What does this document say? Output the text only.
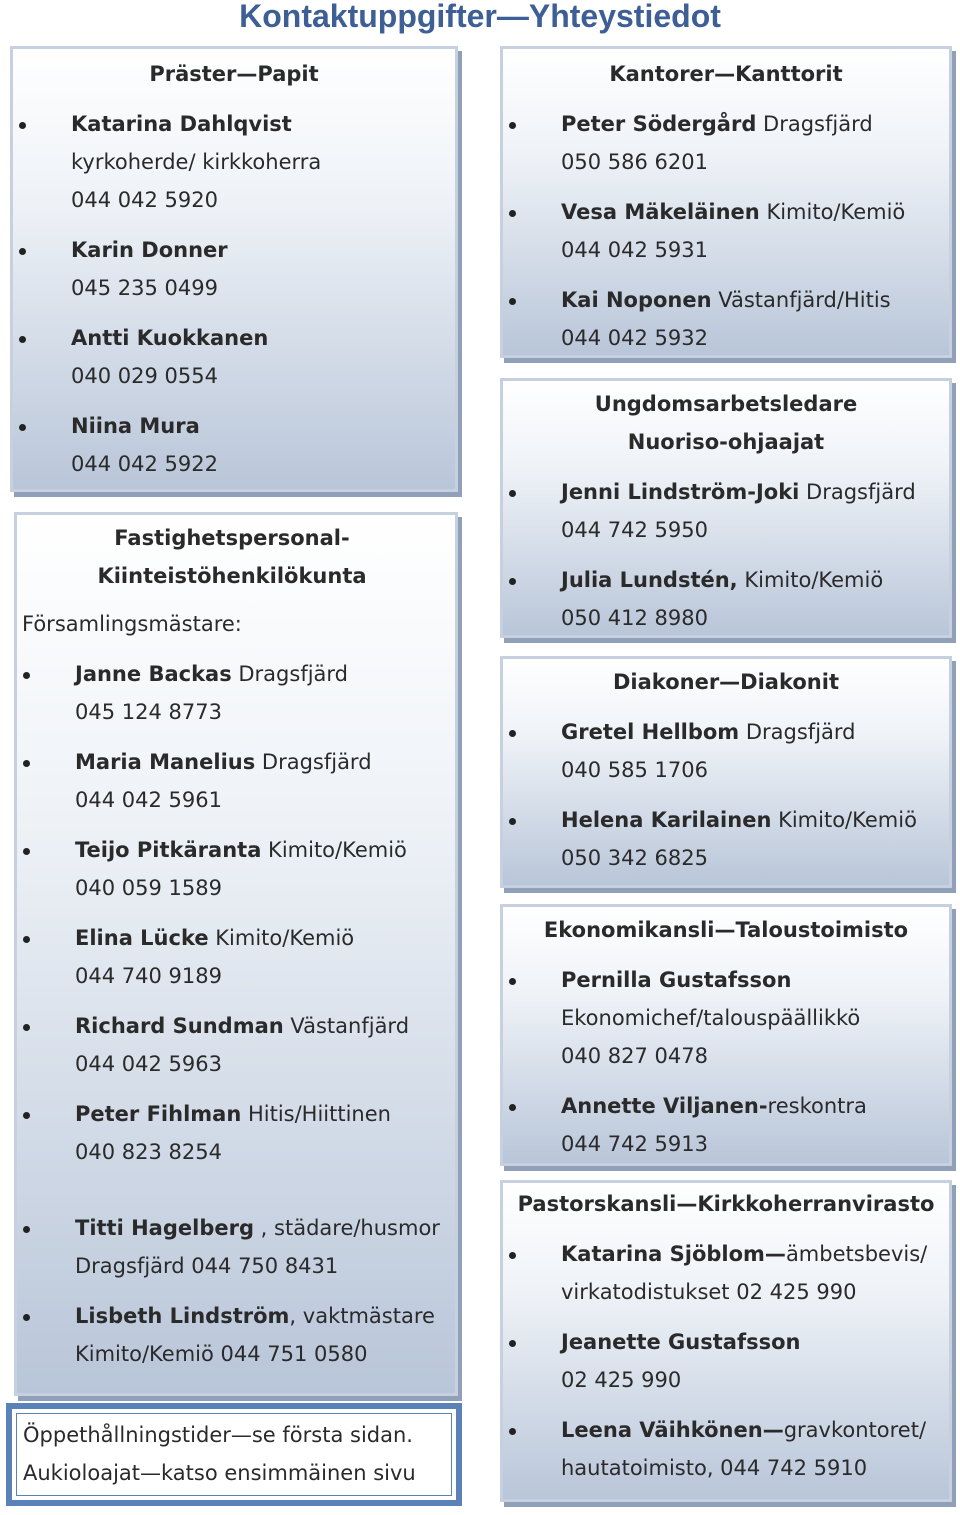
Kontaktuppgifter—Yhteystiedot

Präster—Papit

Katarina Dahlqvist
kyrkoherde/ kirkkoherra
044 042 5920
Karin Donner
045 235 0499
Antti Kuokkanen
040 029 0554
Niina Mura
044 042 5922

Fastighetspersonal-

Kiinteistöhenkilökunta

Församlingsmästare:
Janne Backas Dragsfjärd
045 124 8773
Maria Manelius Dragsfjärd
044 042 5961
Teijo Pitkäranta Kimito/Kemiö
040 059 1589
Elina Lücke Kimito/Kemiö
044 740 9189
Richard Sundman Västanfjärd
044 042 5963
Peter Fihlman Hitis/Hiittinen
040 823 8254
Titti Hagelberg , städare/husmor
Dragsfjärd 044 750 8431
Lisbeth Lindström, vaktmästare
Kimito/Kemiö 044 751 0580
Öppethållningstider—se första sidan.
Aukioloajat—katso ensimmäinen sivu

Kantorer—Kanttorit

Peter Södergård Dragsfjärd
050 586 6201
Vesa Mäkeläinen Kimito/Kemiö
044 042 5931
Kai Noponen Västanfjärd/Hitis
044 042 5932

Ungdomsarbetsledare

Nuoriso-ohjaajat

Jenni Lindström-Joki Dragsfjärd
044 742 5950
Julia Lundstén, Kimito/Kemiö
050 412 8980

Diakoner—Diakonit

Gretel Hellbom Dragsfjärd
040 585 1706
Helena Karilainen Kimito/Kemiö
050 342 6825

Ekonomikansli—Taloustoimisto

Pernilla Gustafsson
Ekonomichef/talouspäällikkö
040 827 0478
Annette Viljanen-reskontra
044 742 5913

Pastorskansli—Kirkkoherranvirasto

Katarina Sjöblom—ämbetsbevis/
virkatodistukset 02 425 990
Jeanette Gustafsson
02 425 990
Leena Väihkönen—gravkontoret/
hautatoimisto, 044 742 5910
